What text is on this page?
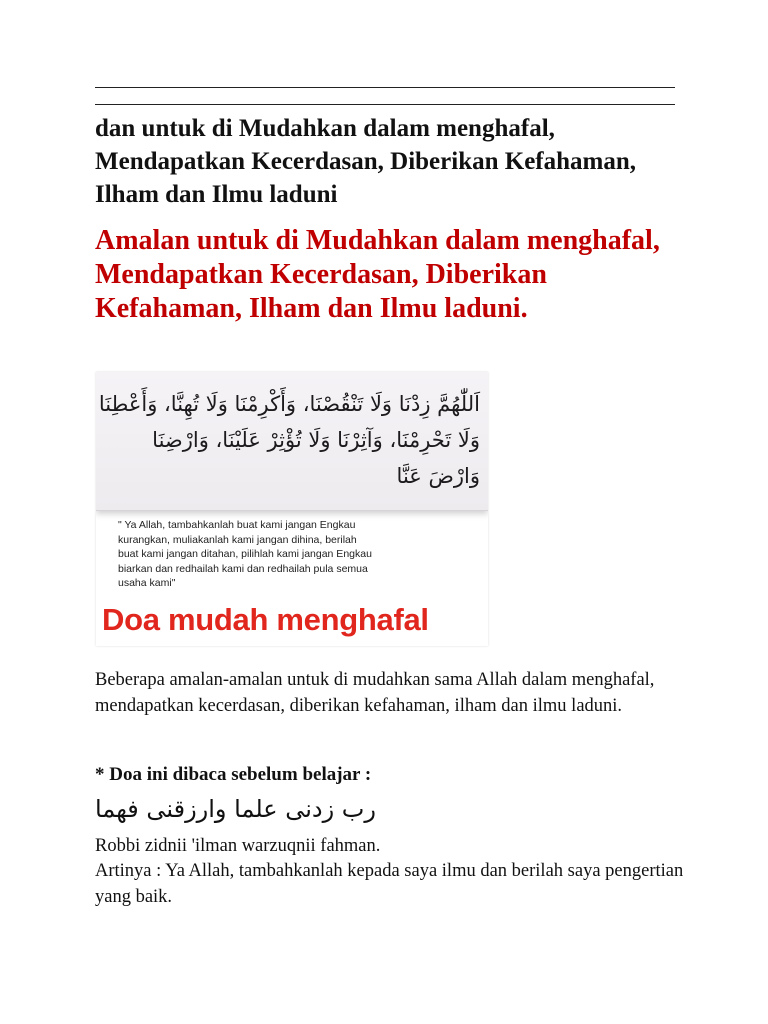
dan untuk di Mudahkan dalam menghafal, Mendapatkan Kecerdasan, Diberikan Kefahaman, Ilham dan Ilmu laduni
Amalan untuk di Mudahkan dalam menghafal, Mendapatkan Kecerdasan, Diberikan Kefahaman, Ilham dan Ilmu laduni.
اَللّٰهُمَّ زِدْنَا وَلَا تَنْقُصْنَا، وَأَكْرِمْنَا وَلَا تُهِنَّا، وَأَعْطِنَا
وَلَا تَحْرِمْنَا، وَآثِرْنَا وَلَا تُؤْثِرْ عَلَيْنَا، وَارْضِنَا
وَارْضَ عَنَّا

" Ya Allah, tambahkanlah buat kami jangan Engkau
kurangkan, muliakanlah kami jangan dihina, berilah
buat kami jangan ditahan, pilihlah kami jangan Engkau
biarkan dan redhailah kami dan redhailah pula semua
usaha kami"

Doa mudah menghafal

Beberapa amalan-amalan untuk di mudahkan sama Allah dalam menghafal, mendapatkan kecerdasan, diberikan kefahaman, ilham dan ilmu laduni.

* Doa ini dibaca sebelum belajar :

رب زدنى علما وارزقنى فهما

Robbi zidnii 'ilman warzuqnii fahman.

Artinya : Ya Allah, tambahkanlah kepada saya ilmu dan berilah saya pengertian yang baik.
